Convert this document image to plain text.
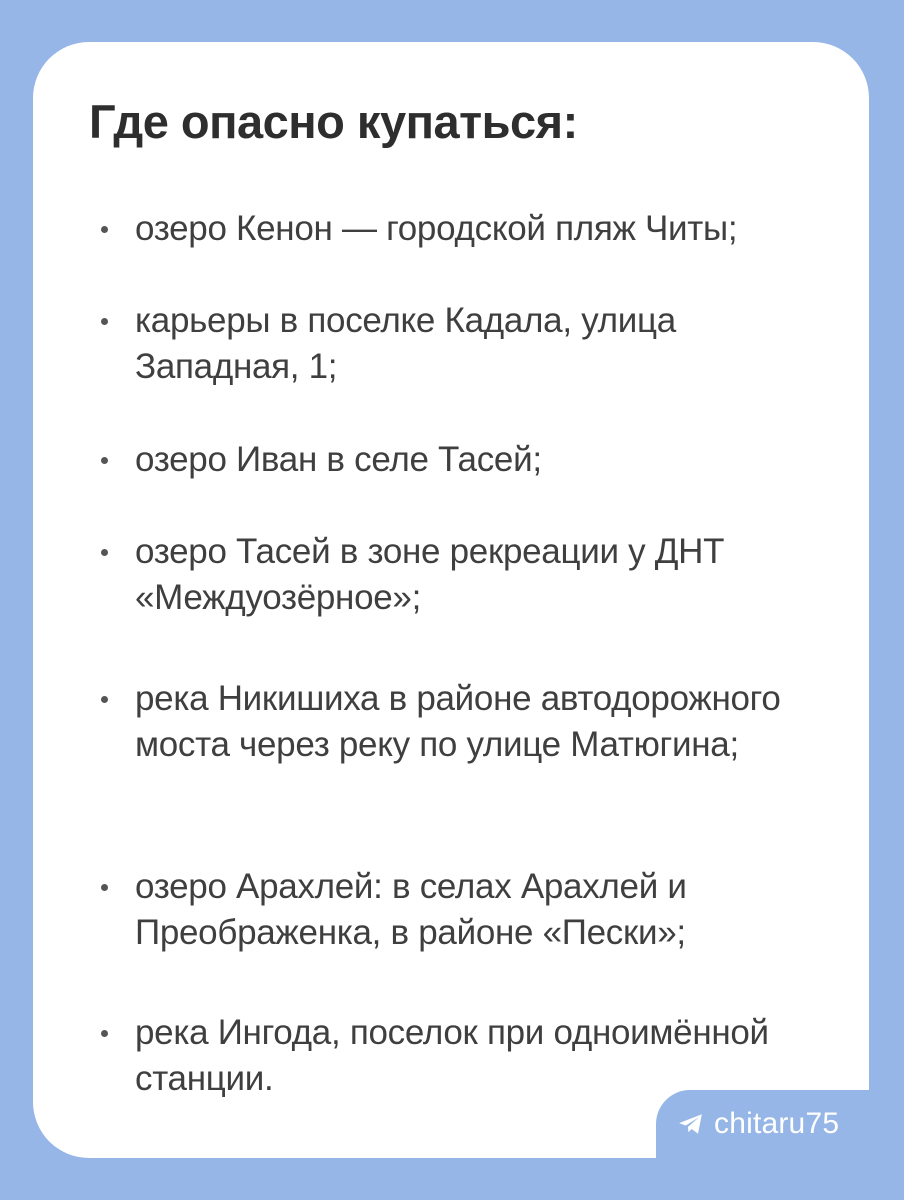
Где опасно купаться:
озеро Кенон — городской пляж Читы;
карьеры в поселке Кадала, улица Западная, 1;
озеро Иван в селе Тасей;
озеро Тасей в зоне рекреации у ДНТ «Междуозёрное»;
река Никишиха в районе автодорожного моста через реку по улице Матюгина;
озеро Арахлей: в селах Арахлей и Преображенка, в районе «Пески»;
река Ингода, поселок при одноимённой станции.
chitaru75
